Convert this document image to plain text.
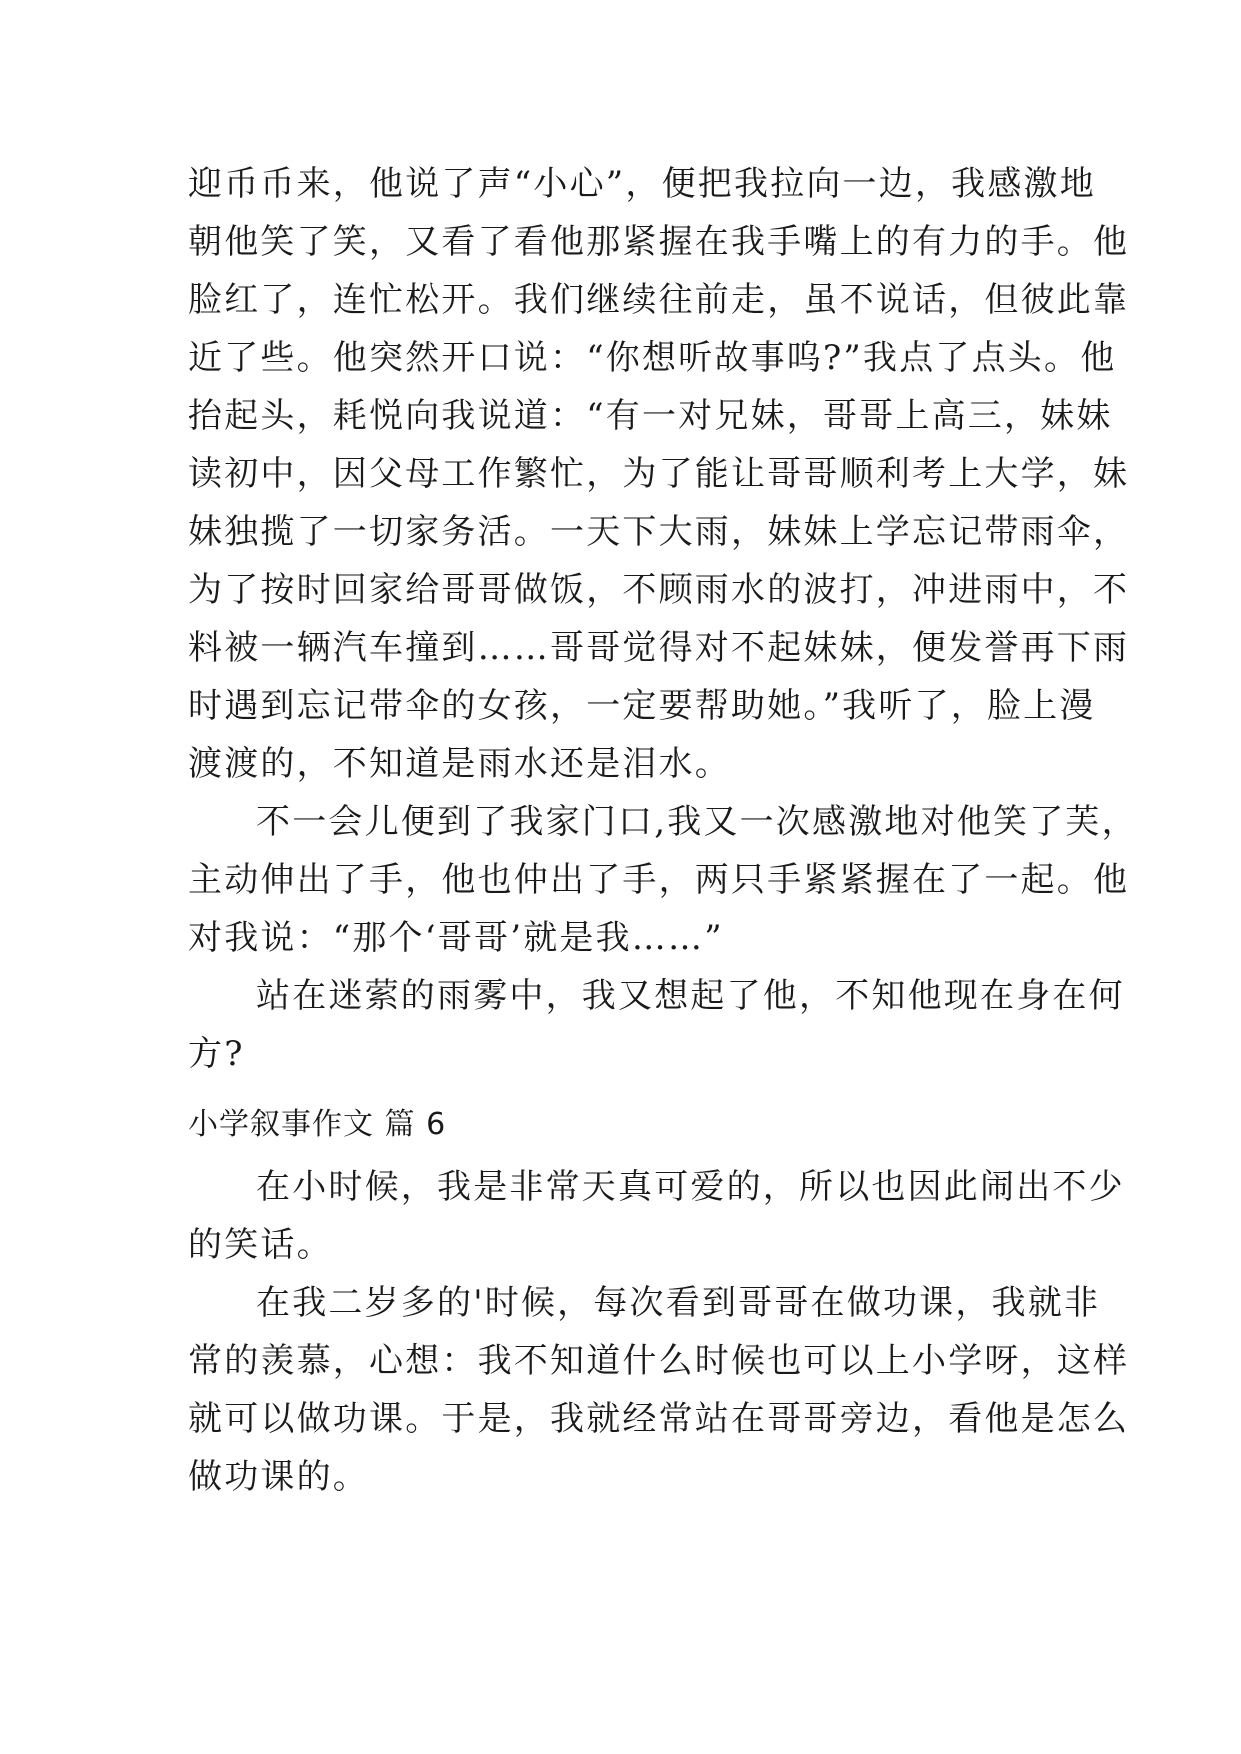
迎币币来，他说了声“小心”，便把我拉向一边，我感激地
朝他笑了笑，又看了看他那紧握在我手嘴上的有力的手。他
脸红了，连忙松开。我们继续往前走，虽不说话，但彼此靠
近了些。他突然开口说：“你想听故事呜?”我点了点头。他
抬起头，耗悦向我说道：“有一对兄妹，哥哥上高三，妹妹
读初中，因父母工作繁忙，为了能让哥哥顺利考上大学，妹
妹独揽了一切家务活。一天下大雨，妹妹上学忘记带雨伞，
为了按时回家给哥哥做饭，不顾雨水的波打，冲进雨中，不
料被一辆汽车撞到……哥哥觉得对不起妹妹，便发誉再下雨
时遇到忘记带伞的女孩，一定要帮助她。”我听了，脸上漫
渡渡的，不知道是雨水还是泪水。
不一会儿便到了我家门口,我又一次感激地对他笑了芙，
主动伸出了手，他也仲出了手，两只手紧紧握在了一起。他
对我说：“那个‘哥哥’就是我……”
站在迷萦的雨雾中，我又想起了他，不知他现在身在何
方?
小学叙事作文 篇 6
在小时候，我是非常天真可爱的，所以也因此闹出不少
的笑话。
在我二岁多的'时候，每次看到哥哥在做功课，我就非
常的羡慕，心想：我不知道什么时候也可以上小学呀，这样
就可以做功课。于是，我就经常站在哥哥旁边，看他是怎么
做功课的。
